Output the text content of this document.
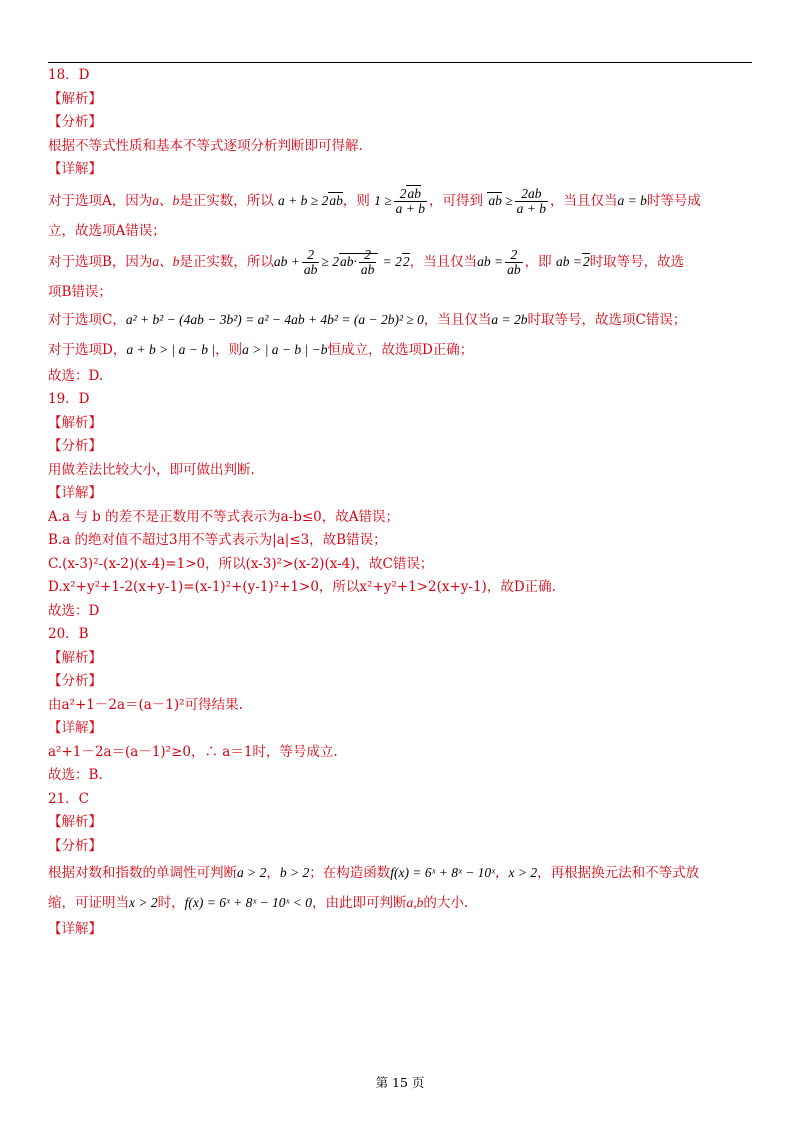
18．D
【解析】
【分析】
根据不等式性质和基本不等式逐项分析判断即可得解.
【详解】
对于选项A，因为a、b是正实数，所以 a + b ≥ 2ab，则 $1 \ge \frac{2ab}{a + b}$ ，可得到 ab ≥ $\frac{2ab}{a + b}$ ，当且仅当a = b时等号成
立，故选项A错误；
对于选项B，因为a、b是正实数，所以ab + $\frac{2}{ab} \ge 2ab\cdot \frac{2}{ab} = 22$，当且仅当ab = $\frac{2}{ab}$ ，即 ab =2时取等号，故选
项B错误；
对于选项C，a² + b² − (4ab − 3b²) = a² − 4ab + 4b² = (a − 2b)² ≥ 0，当且仅当a = 2b时取等号，故选项C错误；
对于选项D，a + b > | a − b |，则a > | a − b | −b恒成立，故选项D正确；
故选：D.
19．D
【解析】
【分析】
用做差法比较大小，即可做出判断.
【详解】
A.a 与 b 的差不是正数用不等式表示为a-b≤0，故A错误；
B.a 的绝对值不超过3用不等式表示为|a|≤3，故B错误；
C.(x-3)²-(x-2)(x-4)=1>0，所以(x-3)²>(x-2)(x-4)，故C错误；
D.x²+y²+1-2(x+y-1)=(x-1)²+(y-1)²+1>0，所以x²+y²+1>2(x+y-1)，故D正确.
故选：D
20．B
【解析】
【分析】
由a²+1－2a＝(a－1)²可得结果.
【详解】
a²+1－2a＝(a－1)²≥0，∴ a＝1时，等号成立.
故选：B.
21．C
【解析】
【分析】
根据对数和指数的单调性可判断a > 2，b > 2；在构造函数f(x) = 6ˣ + 8ˣ − 10ˣ，x > 2，再根据换元法和不等式放
缩，可证明当x > 2时，f(x) = 6ˣ + 8ˣ − 10ˣ < 0，由此即可判断a,b的大小.
【详解】
第 15 页
